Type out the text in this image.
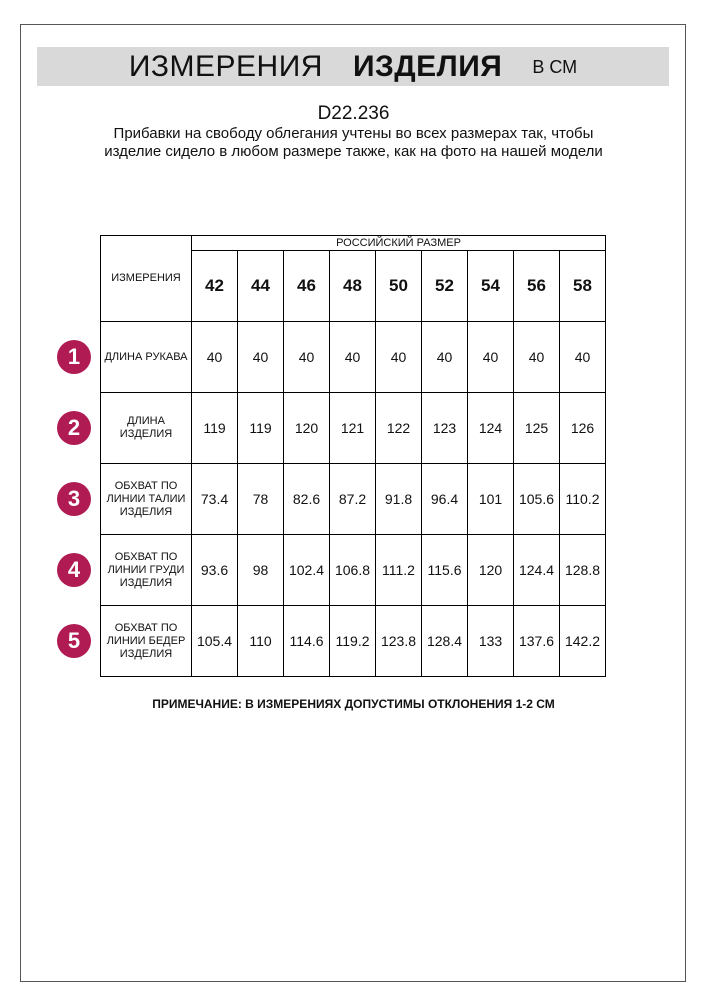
ИЗМЕРЕНИЯ ИЗДЕЛИЯ В СМ
D22.236
Прибавки на свободу облегания учтены во всех размерах так, чтобы изделие сидело в любом размере также, как на фото на нашей модели
ИЗМЕРЕНИЯ	РОССИЙСКИЙ РАЗМЕР								
	42	44	46	48	50	52	54	56	58
ДЛИНА РУКАВА	40	40	40	40	40	40	40	40	40
ДЛИНА ИЗДЕЛИЯ	119	119	120	121	122	123	124	125	126
ОБХВАТ ПО ЛИНИИ ТАЛИИ ИЗДЕЛИЯ	73.4	78	82.6	87.2	91.8	96.4	101	105.6	110.2
ОБХВАТ ПО ЛИНИИ ГРУДИ ИЗДЕЛИЯ	93.6	98	102.4	106.8	111.2	115.6	120	124.4	128.8
ОБХВАТ ПО ЛИНИИ БЕДЕР ИЗДЕЛИЯ	105.4	110	114.6	119.2	123.8	128.4	133	137.6	142.2
1
2
3
4
5
ПРИМЕЧАНИЕ: В ИЗМЕРЕНИЯХ ДОПУСТИМЫ ОТКЛОНЕНИЯ 1-2 СМ
